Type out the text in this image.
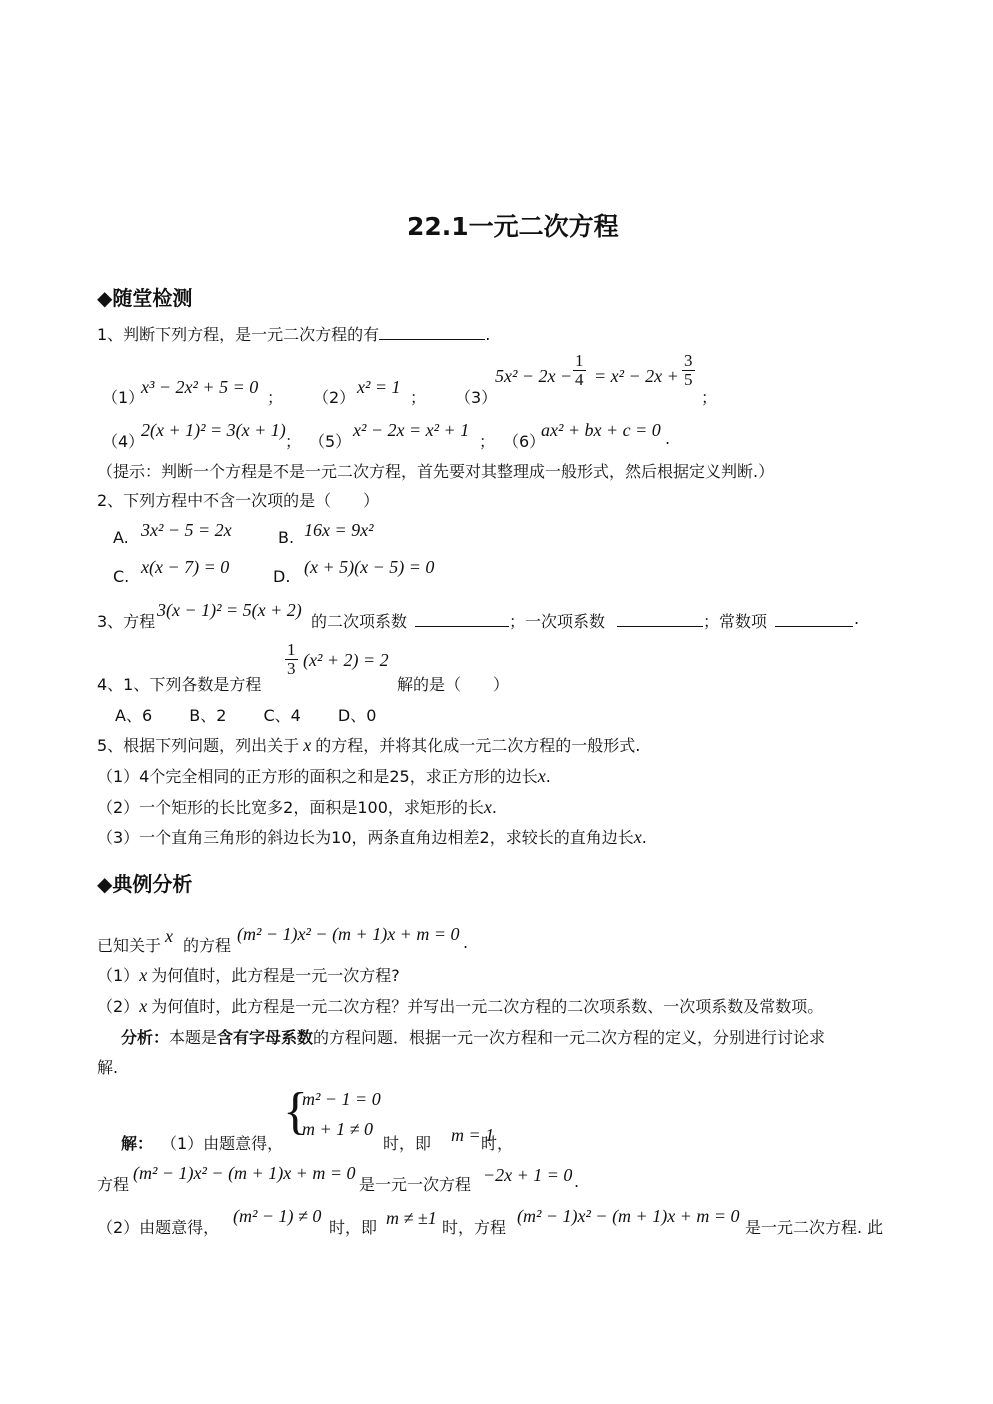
22.1一元二次方程
◆随堂检测
1、判断下列方程，是一元二次方程的有	.
（1）
x³ − 2x² + 5 = 0
； （2）
x² = 1
； （3）
$5x^2 - 2x - \frac{1}{4} = x^2 - 2x + \frac{3}{5}$
；
（4）
2(x + 1)² = 3(x + 1)
； （5）
x² − 2x = x² + 1
； （6）
ax² + bx + c = 0 .
（提示：判断一个方程是不是一元二次方程，首先要对其整理成一般形式，然后根据定义判断.）
2、下列方程中不含一次项的是（　　）
A. 3x² − 5 = 2x	B. 16x = 9x²
C. x(x − 7) = 0	D. (x + 5)(x − 5) = 0
3、方程
3(x − 1)² = 5(x + 2)
的二次项系数	；一次项系数	；常数项	.
4、1、下列各数是方程
$\frac{1}{3} (x^2 + 2) = 2$
解的是（　　）
A、6　　 B、2　　 C、4　　 D、0
5、根据下列问题，列出关于 x 的方程，并将其化成一元二次方程的一般形式.
（1）4个完全相同的正方形的面积之和是25，求正方形的边长x.
（2）一个矩形的长比宽多2，面积是100，求矩形的长x.
（3）一个直角三角形的斜边长为10，两条直角边相差2，求较长的直角边长x.
◆典例分析
已知关于 x 的方程
(m² − 1)x² − (m + 1)x + m = 0 .
（1）x 为何值时，此方程是一元一次方程?
（2）x 为何值时，此方程是一元二次方程？并写出一元二次方程的二次项系数、一次项系数及常数项。
分析：本题是含有字母系数的方程问题．根据一元一次方程和一元二次方程的定义，分别进行讨论求
解.
解： （1）由题意得，
{
m² − 1 = 0
m + 1 ≠ 0
时，即 m = 1
时，
方程
(m² − 1)x² − (m + 1)x + m = 0
是一元一次方程 −2x + 1 = 0 .
（2）由题意得，
(m² − 1) ≠ 0
时，即 m ≠ ±1 时，方程
(m² − 1)x² − (m + 1)x + m = 0
是一元二次方程. 此
